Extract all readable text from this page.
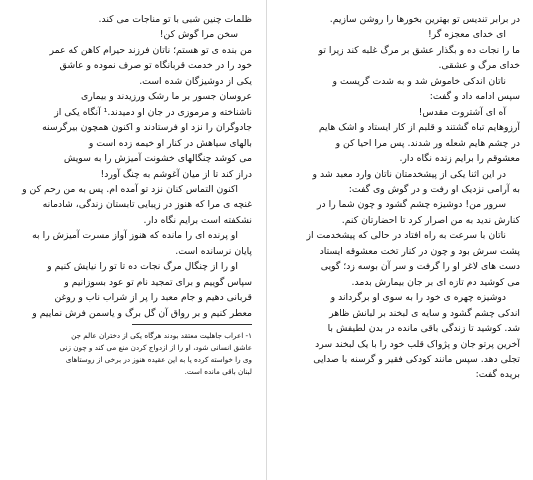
ظلمات چنین شبی با تو مناجات می کند.
سخن مرا گوش کن!
من بنده ی تو هستم؛ ناتان فرزند حیرام کاهن که عمر
خود را در خدمت قربانگاه تو صرف نموده و عاشق
یکی از دوشیزگان شده است.
عروسان جسور بر ما رشک ورزیدند و بیماری
ناشناخته و مرموزی در جان او دمیدند.¹ آنگاه یکی از
جادوگران را نزد او فرستادند و اکنون همچون بیرگرسنه
بالهای سیاهش در کنار او خیمه زده است و
می کوشد چنگالهای خشونت آمیزش را به سویش
دراز کند تا از میان آغوشم به چنگ آورد!
اکنون التماس کنان نزد تو آمده ام. پس به من رحم کن و
غنچه ی مرا که هنوز در زیبایی تابستان زندگی، شادمانه
نشکفته است برایم نگاه دار.
او پرنده ای را مانده که هنوز آواز مسرت آمیزش را به
پایان نرسانده است.
او را از چنگال مرگ نجات ده تا تو را نیایش کنیم و
سپاس گوییم و برای تمجید نام تو عود بسوزانیم و
قربانی دهیم و جام معبد را پر از شراب ناب و روغن
معطر کنیم و بر رواق آن گل برگ و یاسمن فرش نماییم و
۱- اعراب جاهلیت معتقد بودند هرگاه یکی از دختران عالم جن
عاشق انسانی شود، او را از ازدواج کردن منع می کند و چون زنی
وی را خواسته کرده یا به این عقیده هنوز در برخی از روستاهای
لبنان باقی مانده است.
در برابر تندیس تو بهترین بخورها را روشن سازیم.
ای خدای معجزه گر!
ما را نجات ده و بگذار عشق بر مرگ غلبه کند زیرا تو
خدای مرگ و عشقی.
ناتان اندکی خاموش شد و به شدت گریست و
سپس ادامه داد و گفت:
آه ای آشتروت مقدس!
آرزوهایم تباه گشتند و قلبم از کار ایستاد و اشک هایم
در چشم هایم شعله ور شدند. پس مرا احیا کن و
معشوقم را برایم زنده نگاه دار.
در این اثنا یکی از پیشخدمتان ناتان وارد معبد شد و
به آرامی نزدیک او رفت و در گوش وی گفت:
سرور من! دوشیزه چشم گشود و چون شما را در
کنارش ندید به من اصرار کرد تا احضارتان کنم.
ناتان با سرعت به راه افتاد در حالی که پیشخدمت از
پشت سرش بود و چون در کنار تخت معشوقه ایستاد
دست های لاغر او را گرفت و سر آن بوسه زد؛ گویی
می کوشید دم تازه ای بر جان بیمارش بدمد.
دوشیزه چهره ی خود را به سوی او برگرداند و
اندکی چشم گشود و سایه ی لبخند بر لبانش ظاهر
شد. کوشید تا زندگی باقی مانده در بدن لطیفش با
آخرین پرتو جان و پژواک قلب خود را با یک لبخند سرد
تجلی دهد. سپس مانند کودکی فقیر و گرسنه با صدایی
بریده گفت:
